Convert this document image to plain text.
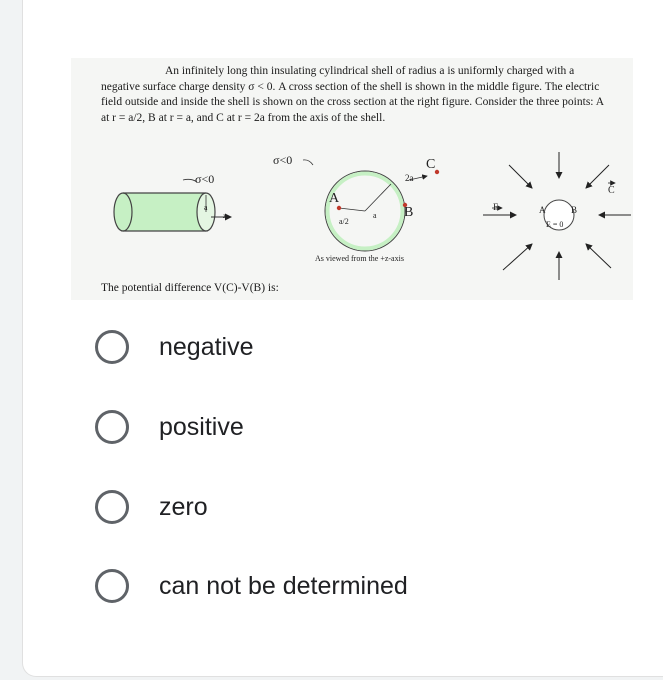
An infinitely long thin insulating cylindrical shell of radius a is uniformly charged with a negative surface charge density σ < 0. A cross section of the shell is shown in the middle figure. The electric field outside and inside the shell is shown on the cross section at the right figure. Consider the three points: A at r = a/2, B at r = a, and C at r = 2a from the axis of the shell.
σ<0
a
z
σ<0
A
B
C
a/2
a
2a
As viewed from the +z-axis
E	A	B
C
E = 0
The potential difference V(C)-V(B) is:
negative
positive
zero
can not be determined
